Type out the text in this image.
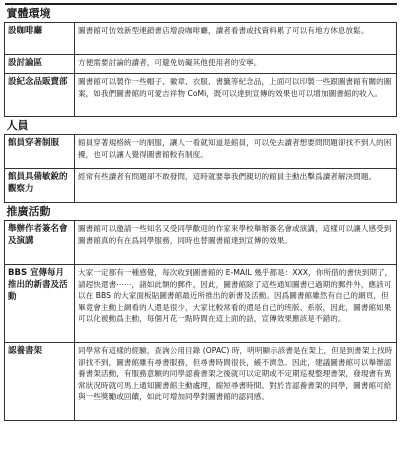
實體環境	
設咖啡廳	圖書館可仿效新型連鎖書店增設咖啡廳，讀者看書或找資料累了可以有地方休息放鬆。
設討論區	方便需要討論的讀者，可避免妨礙其他使用者的安寧。
設紀念品販賣部	圖書館可以製作一些帽子、徽章、衣服、書籤等紀念品，上面可以印製一些跟圖書館有關的圖案，如我們圖書館的可愛吉祥物 CoMi，既可以達到宣傳的效果也可以增加圖書館的收入。
人員	
館員穿著制服	館員穿著規格統一的制服，讓人一看就知道是館員，可以免去讀者想要問問題卻找不到人的困擾，也可以讓人覺得圖書館較有制度。
館員具備敏銳的觀察力	經常有些讀者有問題卻不敢發問，這時就要靠我們親切的館員主動出擊爲讀者解決問題。
推廣活動	
舉辦作者簽名會及演講	圖書館可以邀請一些知名又受同學歡迎的作家來學校舉辦簽名會或演講，這樣可以讓人感受到圖書館真的有在爲同學服務，同時也替圖書館達到宣傳的效果。
BBS 宣傳每月推出的新書及活動	大家一定都有一種感覺，每次收到圖書館的 E-MAIL 幾乎都是：XXX，你所借的書快到期了，請趕快還書⋯⋯，諸如此類的郵件。因此，圖書館除了這些通知圖書已過期的郵件外，應該可以在 BBS 的大家面板貼圖書館最近所推出的新書及活動。因爲圖書館雖然有自己的網頁，但畢竟會主動上網看的人還是很少，大家比較常看的還是自己的班版、系版，因此，圖書館如果可以化被動爲主動，每個月花一點時間在這上面的話，宣傳效果應該是不錯的。
認養書架	同學常有這樣的經驗，查詢公用目錄 (OPAC) 時，明明顯示該書是在架上，但是到書架上找時卻找不到，圖書館雖有尋書服務，但尋書時間很長，緩不濟急。因此，建議圖書館可以舉辦認養書架活動，有服務意願的同學認養書架之後就可以定期或不定期巡視整理書架，發現書有異常狀況時就可馬上通知圖書館主動處理，縮短尋書時間。對於肯認養書架的同學，圖書館可給與一些獎勵或回饋，如此可增加同學對圖書館的認同感。
